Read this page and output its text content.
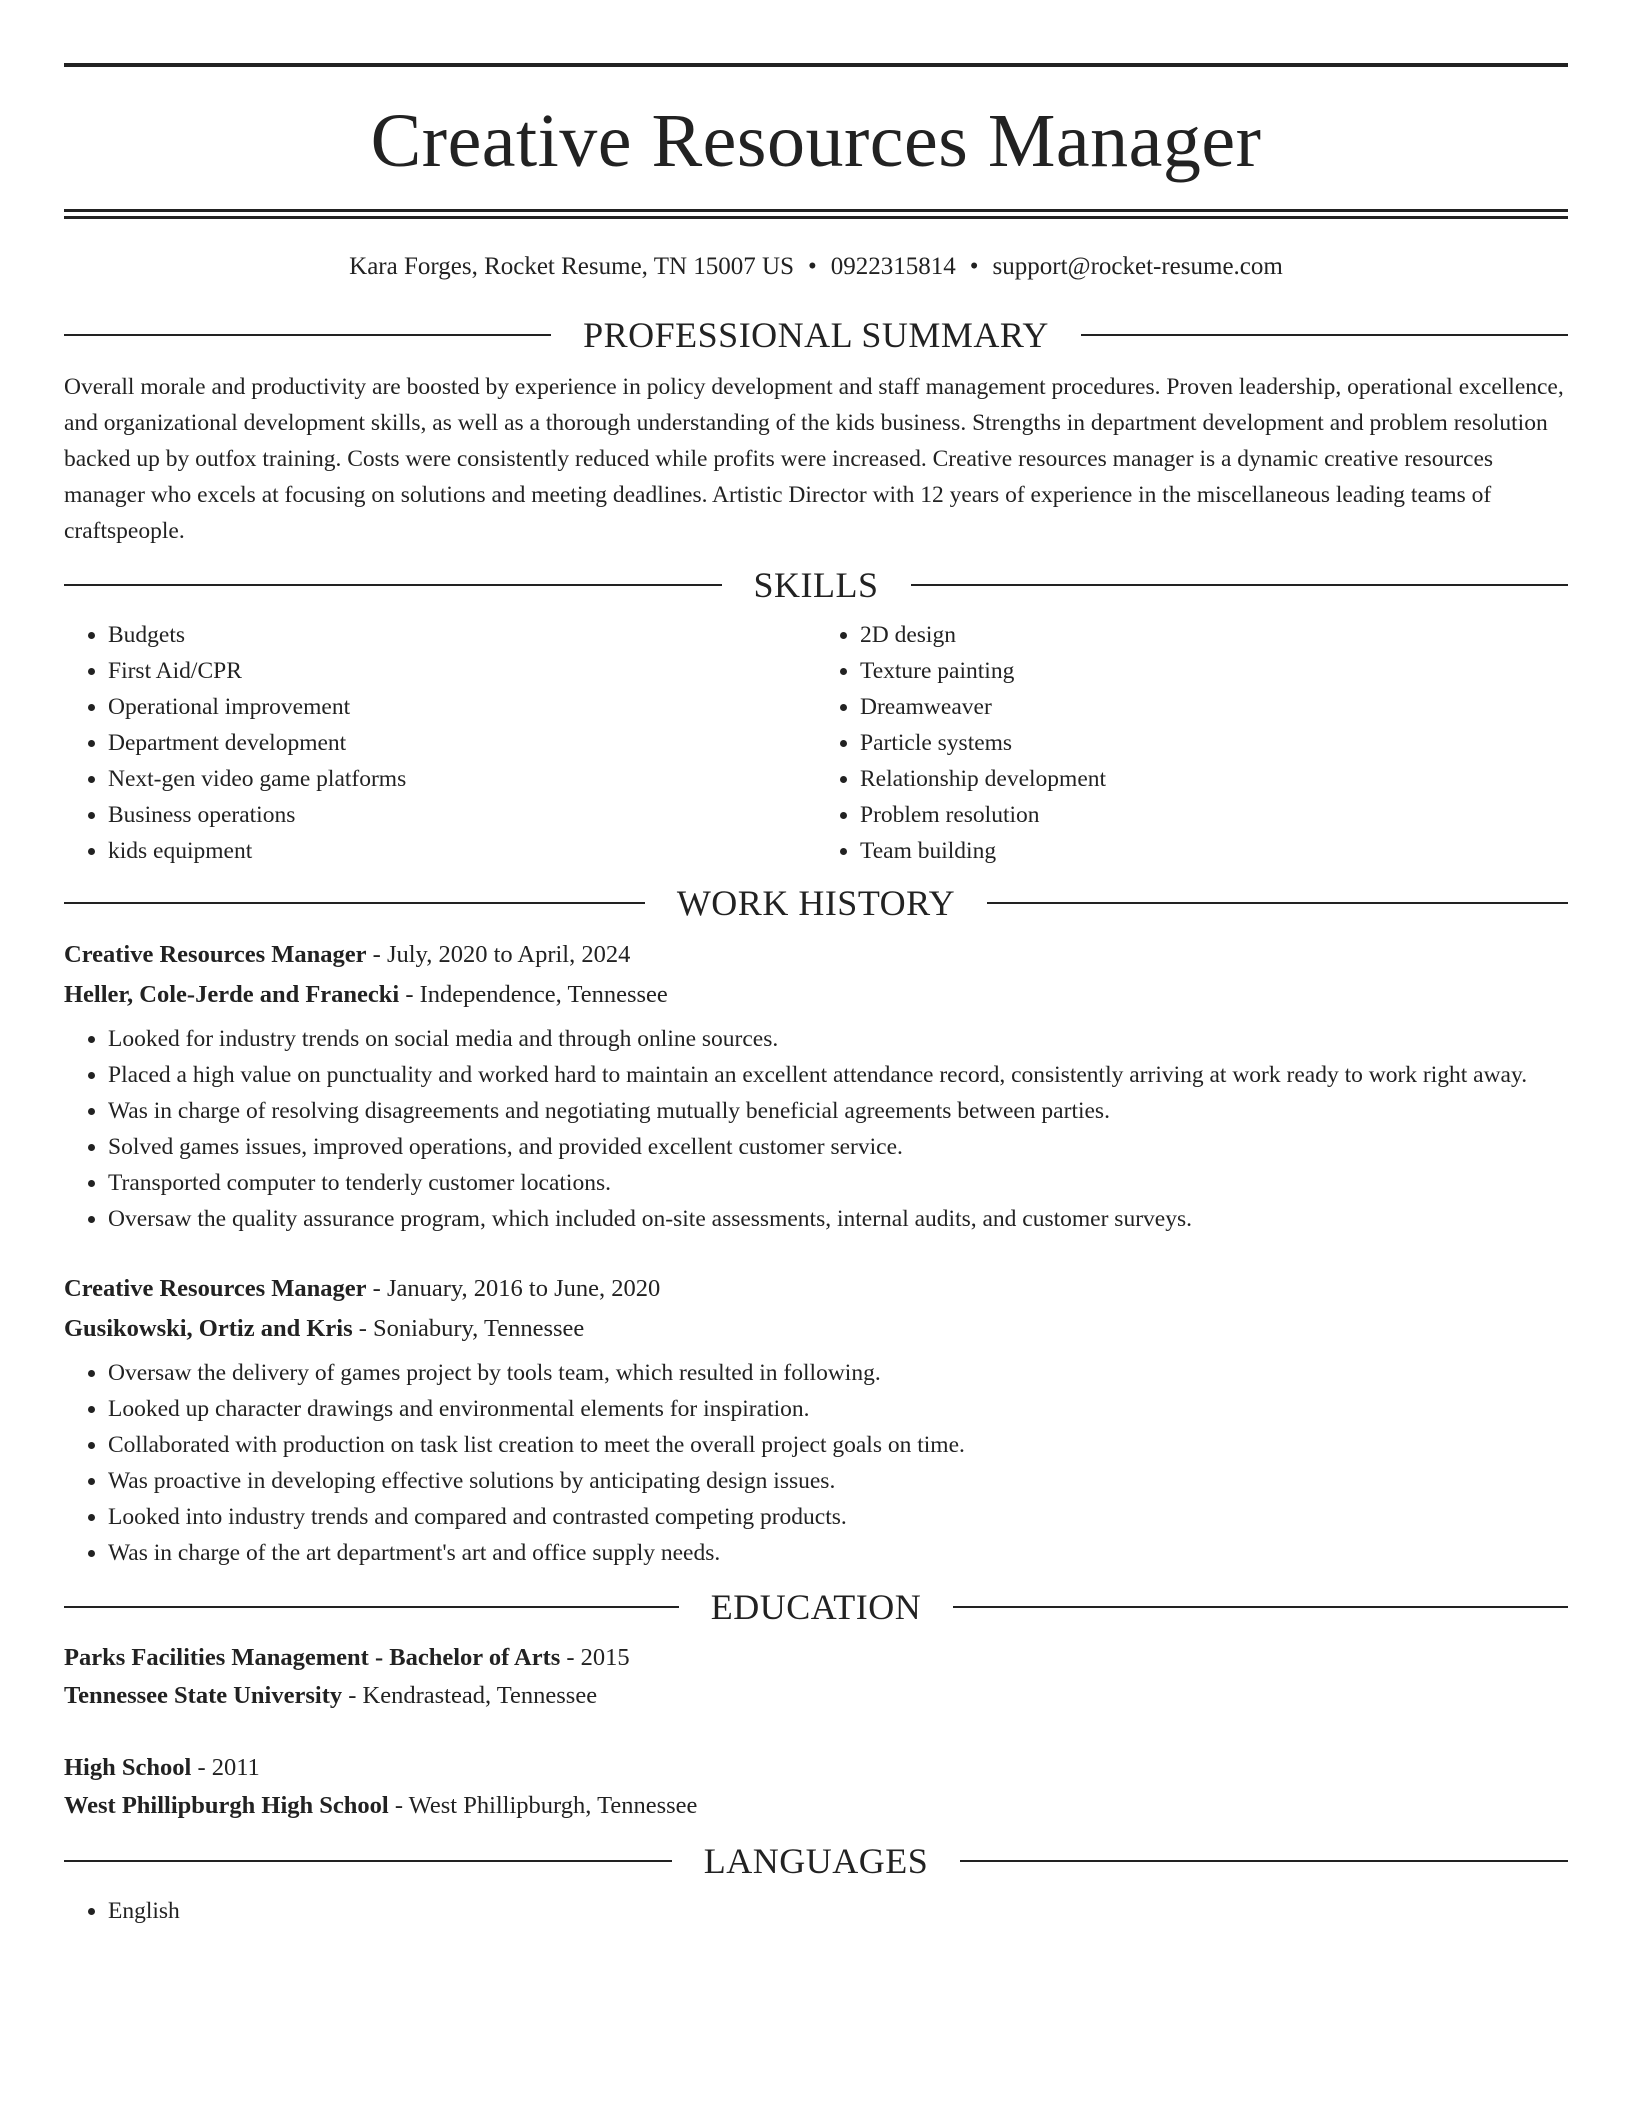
Creative Resources Manager
Kara Forges, Rocket Resume, TN 15007 US • 0922315814 • support@rocket-resume.com
PROFESSIONAL SUMMARY

Overall morale and productivity are boosted by experience in policy development and staff management procedures. Proven leadership, operational excellence, and organizational development skills, as well as a thorough understanding of the kids business. Strengths in department development and problem resolution backed up by outfox training. Costs were consistently reduced while profits were increased. Creative resources manager is a dynamic creative resources manager who excels at focusing on solutions and meeting deadlines. Artistic Director with 12 years of experience in the miscellaneous leading teams of craftspeople.

SKILLS
• Budgets
• First Aid/CPR
• Operational improvement
• Department development
• Next-gen video game platforms
• Business operations
• kids equipment
• 2D design
• Texture painting
• Dreamweaver
• Particle systems
• Relationship development
• Problem resolution
• Team building
WORK HISTORY
Creative Resources Manager - July, 2020 to April, 2024
Heller, Cole-Jerde and Franecki - Independence, Tennessee
• Looked for industry trends on social media and through online sources.
• Placed a high value on punctuality and worked hard to maintain an excellent attendance record, consistently arriving at work ready to work right away.
• Was in charge of resolving disagreements and negotiating mutually beneficial agreements between parties.
• Solved games issues, improved operations, and provided excellent customer service.
• Transported computer to tenderly customer locations.
• Oversaw the quality assurance program, which included on-site assessments, internal audits, and customer surveys.
Creative Resources Manager - January, 2016 to June, 2020
Gusikowski, Ortiz and Kris - Soniabury, Tennessee
• Oversaw the delivery of games project by tools team, which resulted in following.
• Looked up character drawings and environmental elements for inspiration.
• Collaborated with production on task list creation to meet the overall project goals on time.
• Was proactive in developing effective solutions by anticipating design issues.
• Looked into industry trends and compared and contrasted competing products.
• Was in charge of the art department's art and office supply needs.
EDUCATION
Parks Facilities Management - Bachelor of Arts - 2015
Tennessee State University - Kendrastead, Tennessee
High School - 2011
West Phillipburgh High School - West Phillipburgh, Tennessee
LANGUAGES
• English
